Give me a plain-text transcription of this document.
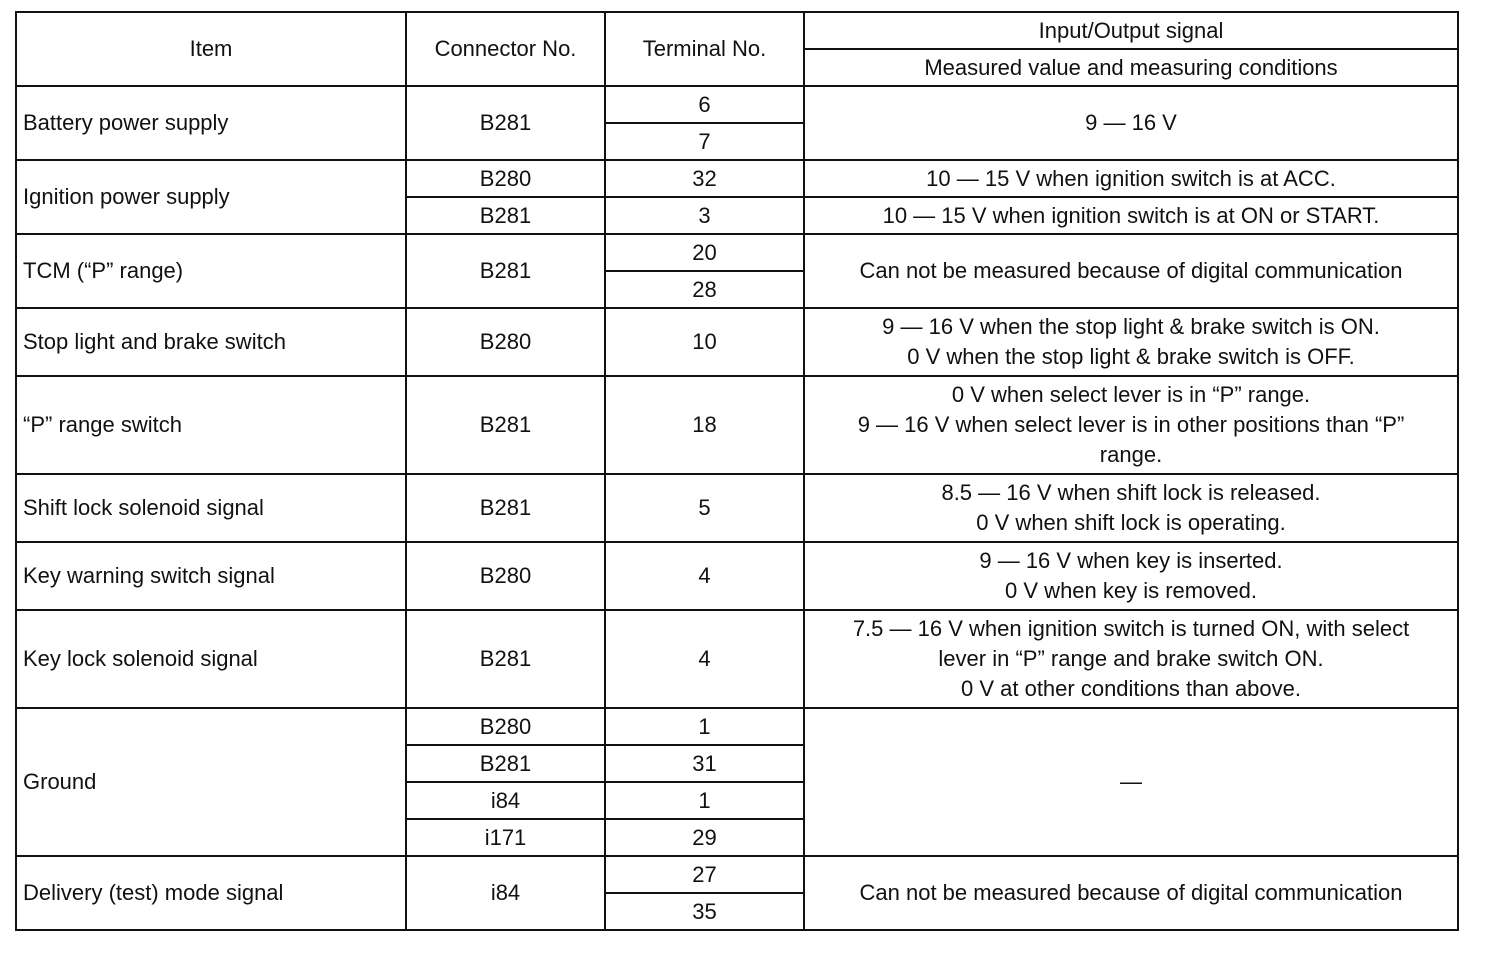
Item	Connector No.	Terminal No.	Input/Output signal
			Measured value and measuring conditions
Battery power supply	B281	6	9 — 16 V
		7	
Ignition power supply	B280	32	10 — 15 V when ignition switch is at ACC.
	B281	3	10 — 15 V when ignition switch is at ON or START.
TCM (“P” range)	B281	20	Can not be measured because of digital communication
		28	
Stop light and brake switch	B280	10	9 — 16 V when the stop light & brake switch is ON.
0 V when the stop light & brake switch is OFF.

“P” range switch	B281	18	0 V when select lever is in “P” range.
9 — 16 V when select lever is in other positions than “P”
range.

Shift lock solenoid signal	B281	5	8.5 — 16 V when shift lock is released.
0 V when shift lock is operating.

Key warning switch signal	B280	4	9 — 16 V when key is inserted.
0 V when key is removed.

Key lock solenoid signal	B281	4	7.5 — 16 V when ignition switch is turned ON, with select
lever in “P” range and brake switch ON.
0 V at other conditions than above.

Ground	B280	1	—
	B281	31	
	i84	1	
	i171	29	
Delivery (test) mode signal	i84	27	Can not be measured because of digital communication
		35	
